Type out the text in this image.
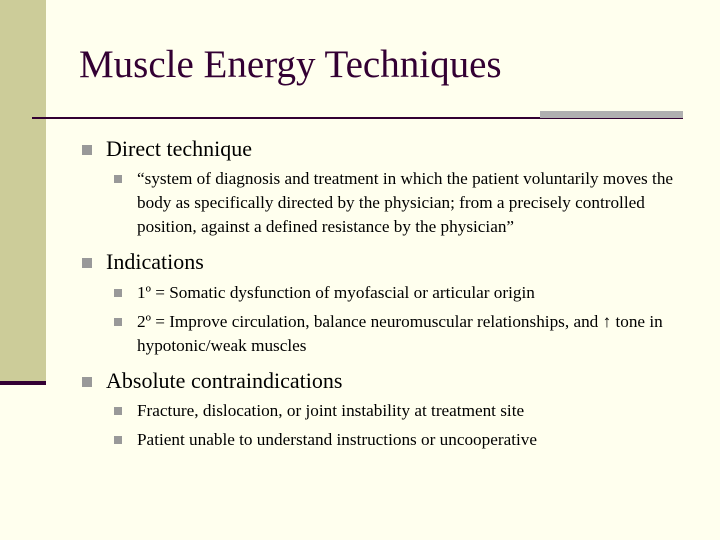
Muscle Energy Techniques
Direct technique
“system of diagnosis and treatment in which the patient voluntarily moves the body as specifically directed by the physician; from a precisely controlled position, against a defined resistance by the physician”
Indications
1º = Somatic dysfunction of myofascial or articular origin
2º = Improve circulation, balance neuromuscular relationships, and ↑ tone in hypotonic/weak muscles
Absolute contraindications
Fracture, dislocation, or joint instability at treatment site
Patient unable to understand instructions or uncooperative
